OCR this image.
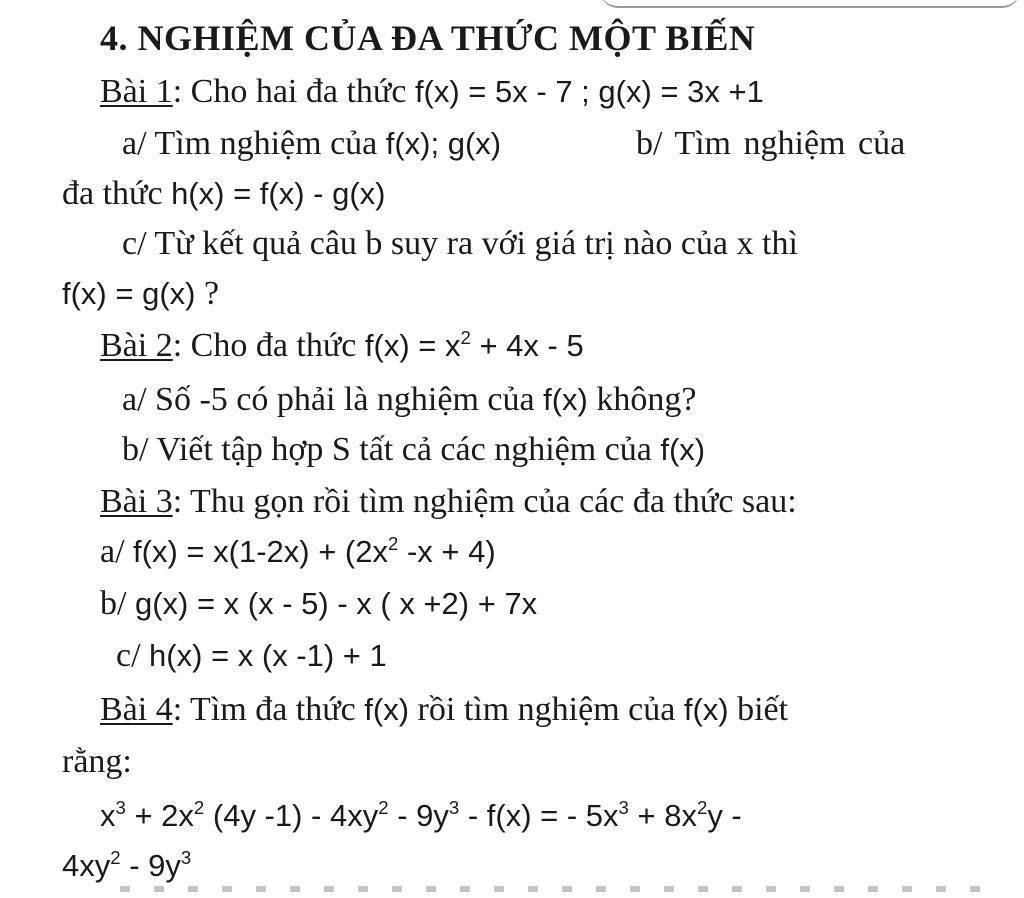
4. NGHIỆM CỦA ĐA THỨC MỘT BIẾN
Bài 1: Cho hai đa thức f(x) = 5x - 7 ; g(x) = 3x +1
a/ Tìm nghiệm của f(x); g(x)	b/ Tìm nghiệm của
đa thức h(x) = f(x) - g(x)
c/ Từ kết quả câu b suy ra với giá trị nào của x thì
f(x) = g(x) ?
Bài 2: Cho đa thức $f(x) = x^2 + 4x - 5$
a/ Số -5 có phải là nghiệm của f(x) không?
b/ Viết tập hợp S tất cả các nghiệm của f(x)
Bài 3: Thu gọn rồi tìm nghiệm của các đa thức sau:
a/ $f(x) = x(1-2x) + (2x^2$ -x + 4)
b/ g(x) = x (x - 5) - x ( x +2) + 7x
c/ h(x) = x (x -1) + 1
Bài 4: Tìm đa thức f(x) rồi tìm nghiệm của f(x) biết
rằng:
$x^3 + 2x^2$ (4y $-1) - 4xy^2 - 9y^3 - f(x)$ = - $5x^3 + 8x^2y$ -
$4xy^2 - 9y^3$
